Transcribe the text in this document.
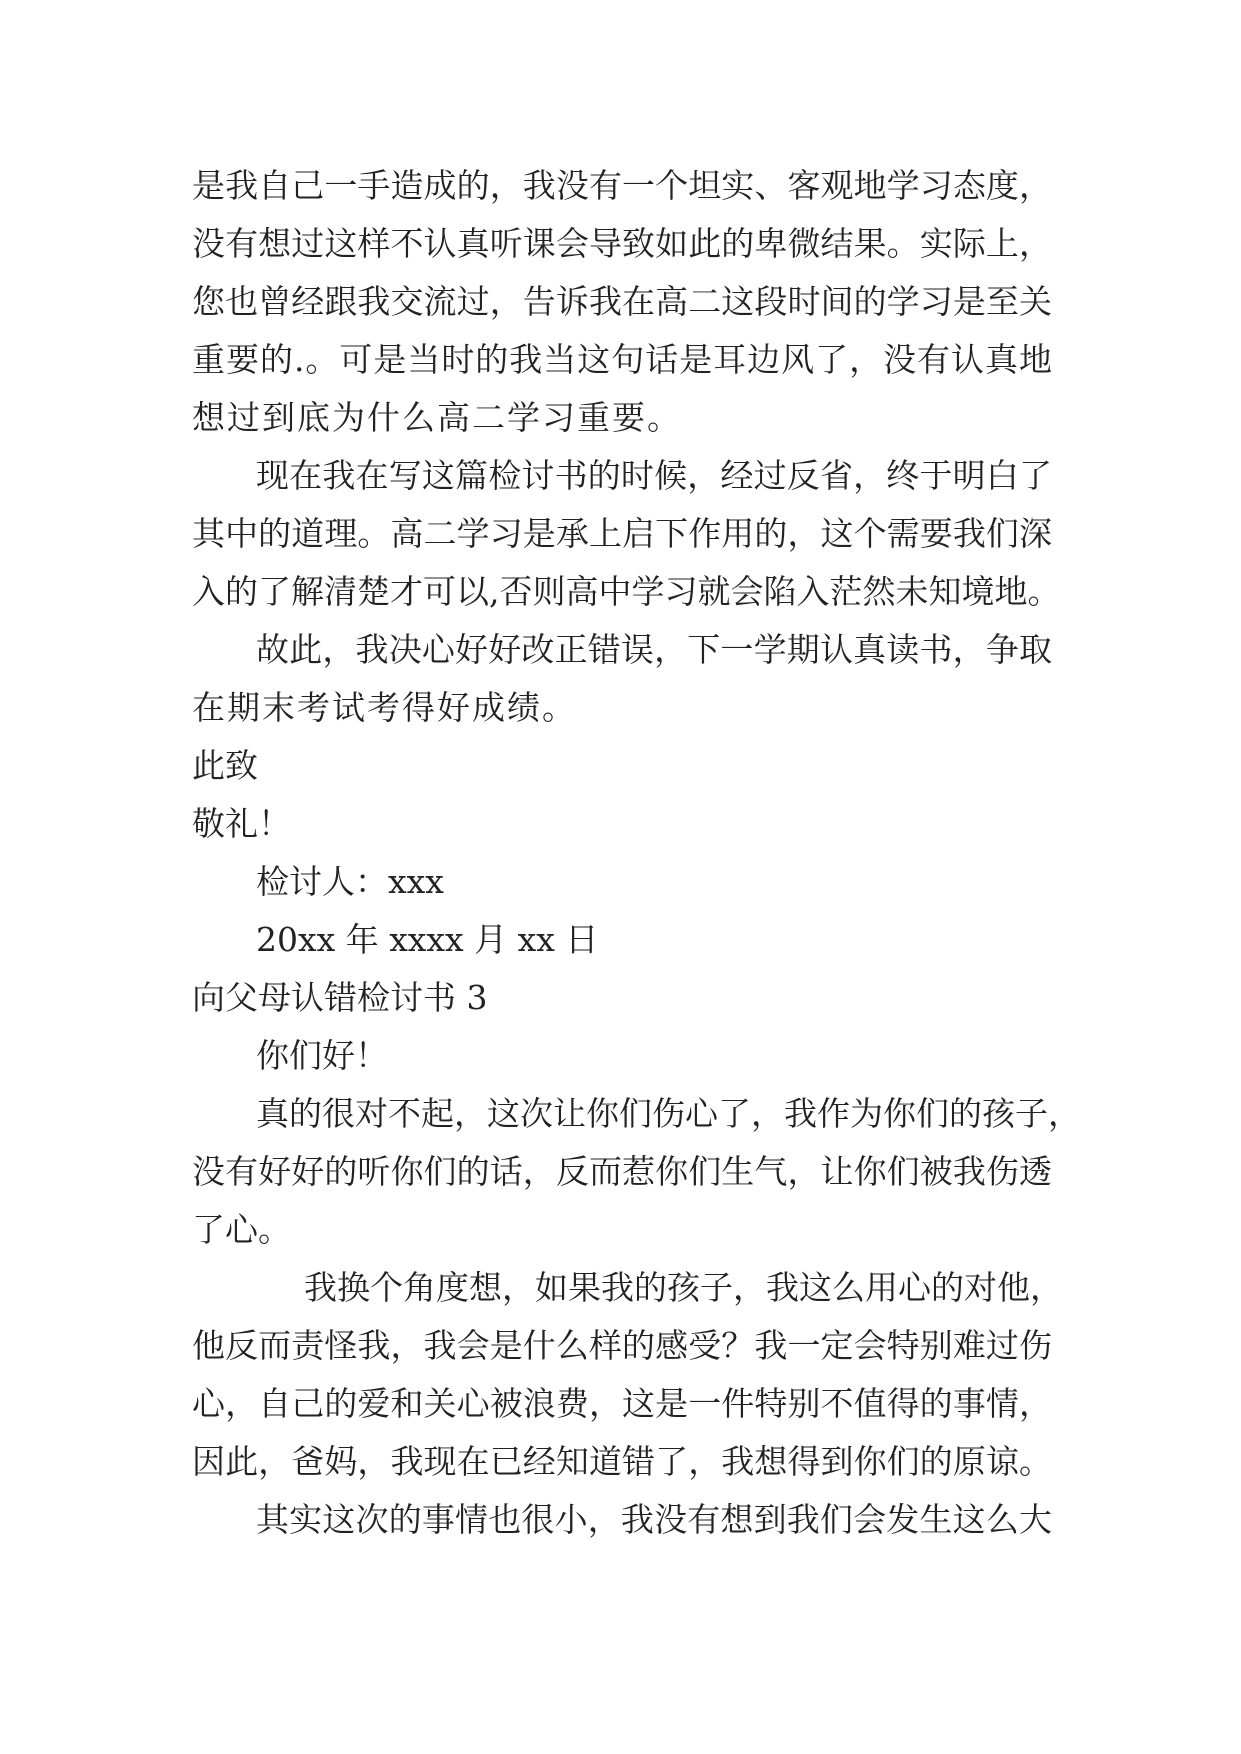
是我自己一手造成的，我没有一个坦实、客观地学习态度，
没有想过这样不认真听课会导致如此的卑微结果。实际上，
您也曾经跟我交流过，告诉我在高二这段时间的学习是至关
重要的.。可是当时的我当这句话是耳边风了，没有认真地
想过到底为什么高二学习重要。
现在我在写这篇检讨书的时候，经过反省，终于明白了
其中的道理。高二学习是承上启下作用的，这个需要我们深
入的了解清楚才可以,否则高中学习就会陷入茫然未知境地。
故此，我决心好好改正错误，下一学期认真读书，争取
在期末考试考得好成绩。
此致
敬礼！
检讨人：xxx
20xx 年 xxxx 月 xx 日
向父母认错检讨书 3
你们好！
真的很对不起，这次让你们伤心了，我作为你们的孩子，
没有好好的听你们的话，反而惹你们生气，让你们被我伤透
了心。
我换个角度想，如果我的孩子，我这么用心的对他，
他反而责怪我，我会是什么样的感受？我一定会特别难过伤
心，自己的爱和关心被浪费，这是一件特别不值得的事情，
因此，爸妈，我现在已经知道错了，我想得到你们的原谅。
其实这次的事情也很小，我没有想到我们会发生这么大
